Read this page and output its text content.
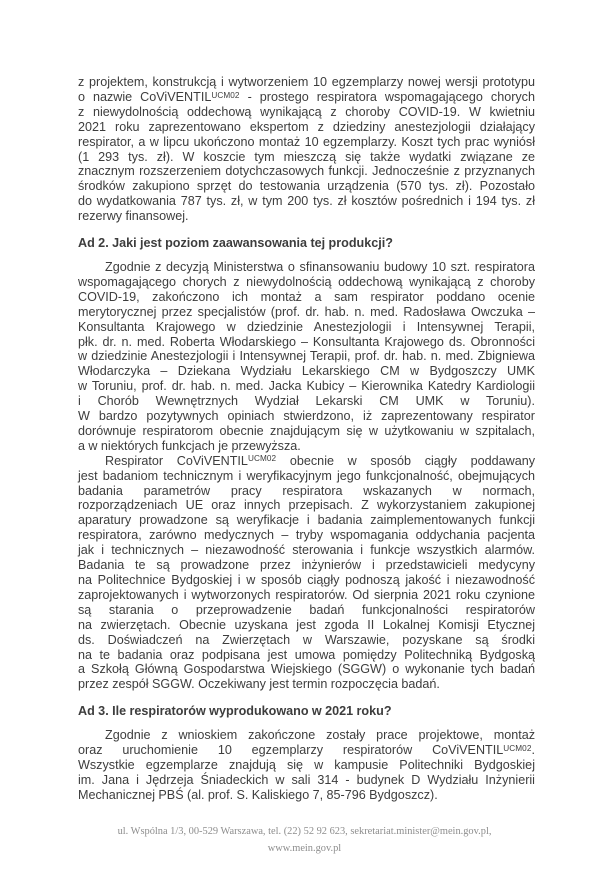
z projektem, konstrukcją i wytworzeniem 10 egzemplarzy nowej wersji prototypu
o nazwie CoViVENTIL$^{UCM02}$ - prostego respiratora wspomagającego chorych
z niewydolnością oddechową wynikającą z choroby COVID-19. W kwietniu
2021 roku zaprezentowano ekspertom z dziedziny anestezjologii działający
respirator, a w lipcu ukończono montaż 10 egzemplarzy. Koszt tych prac wyniósł
(1 293 tys. zł). W koszcie tym mieszczą się także wydatki związane ze
znacznym rozszerzeniem dotychczasowych funkcji. Jednocześnie z przyznanych
środków zakupiono sprzęt do testowania urządzenia (570 tys. zł). Pozostało
do wydatkowania 787 tys. zł, w tym 200 tys. zł kosztów pośrednich i 194 tys. zł
rezerwy finansowej.
Ad 2. Jaki jest poziom zaawansowania tej produkcji?
Zgodnie z decyzją Ministerstwa o sfinansowaniu budowy 10 szt. respiratora
wspomagającego chorych z niewydolnością oddechową wynikającą z choroby
COVID-19, zakończono ich montaż a sam respirator poddano ocenie
merytorycznej przez specjalistów (prof. dr. hab. n. med. Radosława Owczuka –
Konsultanta Krajowego w dziedzinie Anestezjologii i Intensywnej Terapii,
płk. dr. n. med. Roberta Włodarskiego – Konsultanta Krajowego ds. Obronności
w dziedzinie Anestezjologii i Intensywnej Terapii, prof. dr. hab. n. med. Zbigniewa
Włodarczyka – Dziekana Wydziału Lekarskiego CM w Bydgoszczy UMK
w Toruniu, prof. dr. hab. n. med. Jacka Kubicy – Kierownika Katedry Kardiologii
i Chorób Wewnętrznych Wydział Lekarski CM UMK w Toruniu).
W bardzo pozytywnych opiniach stwierdzono, iż zaprezentowany respirator
dorównuje respiratorom obecnie znajdującym się w użytkowaniu w szpitalach,
a w niektórych funkcjach je przewyższa.
Respirator CoViVENTIL$^{UCM02}$ obecnie w sposób ciągły poddawany
jest badaniom technicznym i weryfikacyjnym jego funkcjonalność, obejmujących
badania parametrów pracy respiratora wskazanych w normach,
rozporządzeniach UE oraz innych przepisach. Z wykorzystaniem zakupionej
aparatury prowadzone są weryfikacje i badania zaimplementowanych funkcji
respiratora, zarówno medycznych – tryby wspomagania oddychania pacjenta
jak i technicznych – niezawodność sterowania i funkcje wszystkich alarmów.
Badania te są prowadzone przez inżynierów i przedstawicieli medycyny
na Politechnice Bydgoskiej i w sposób ciągły podnoszą jakość i niezawodność
zaprojektowanych i wytworzonych respiratorów. Od sierpnia 2021 roku czynione
są starania o przeprowadzenie badań funkcjonalności respiratorów
na zwierzętach. Obecnie uzyskana jest zgoda II Lokalnej Komisji Etycznej
ds. Doświadczeń na Zwierzętach w Warszawie, pozyskane są środki
na te badania oraz podpisana jest umowa pomiędzy Politechniką Bydgoską
a Szkołą Główną Gospodarstwa Wiejskiego (SGGW) o wykonanie tych badań
przez zespół SGGW. Oczekiwany jest termin rozpoczęcia badań.
Ad 3. Ile respiratorów wyprodukowano w 2021 roku?
Zgodnie z wnioskiem zakończone zostały prace projektowe, montaż
oraz uruchomienie 10 egzemplarzy respiratorów CoViVENTIL$^{UCM02}$.
Wszystkie egzemplarze znajdują się w kampusie Politechniki Bydgoskiej
im. Jana i Jędrzeja Śniadeckich w sali 314 - budynek D Wydziału Inżynierii
Mechanicznej PBŚ (al. prof. S. Kaliskiego 7, 85-796 Bydgoszcz).
ul. Wspólna 1/3, 00-529 Warszawa, tel. (22) 52 92 623, sekretariat.minister@mein.gov.pl,
www.mein.gov.pl
